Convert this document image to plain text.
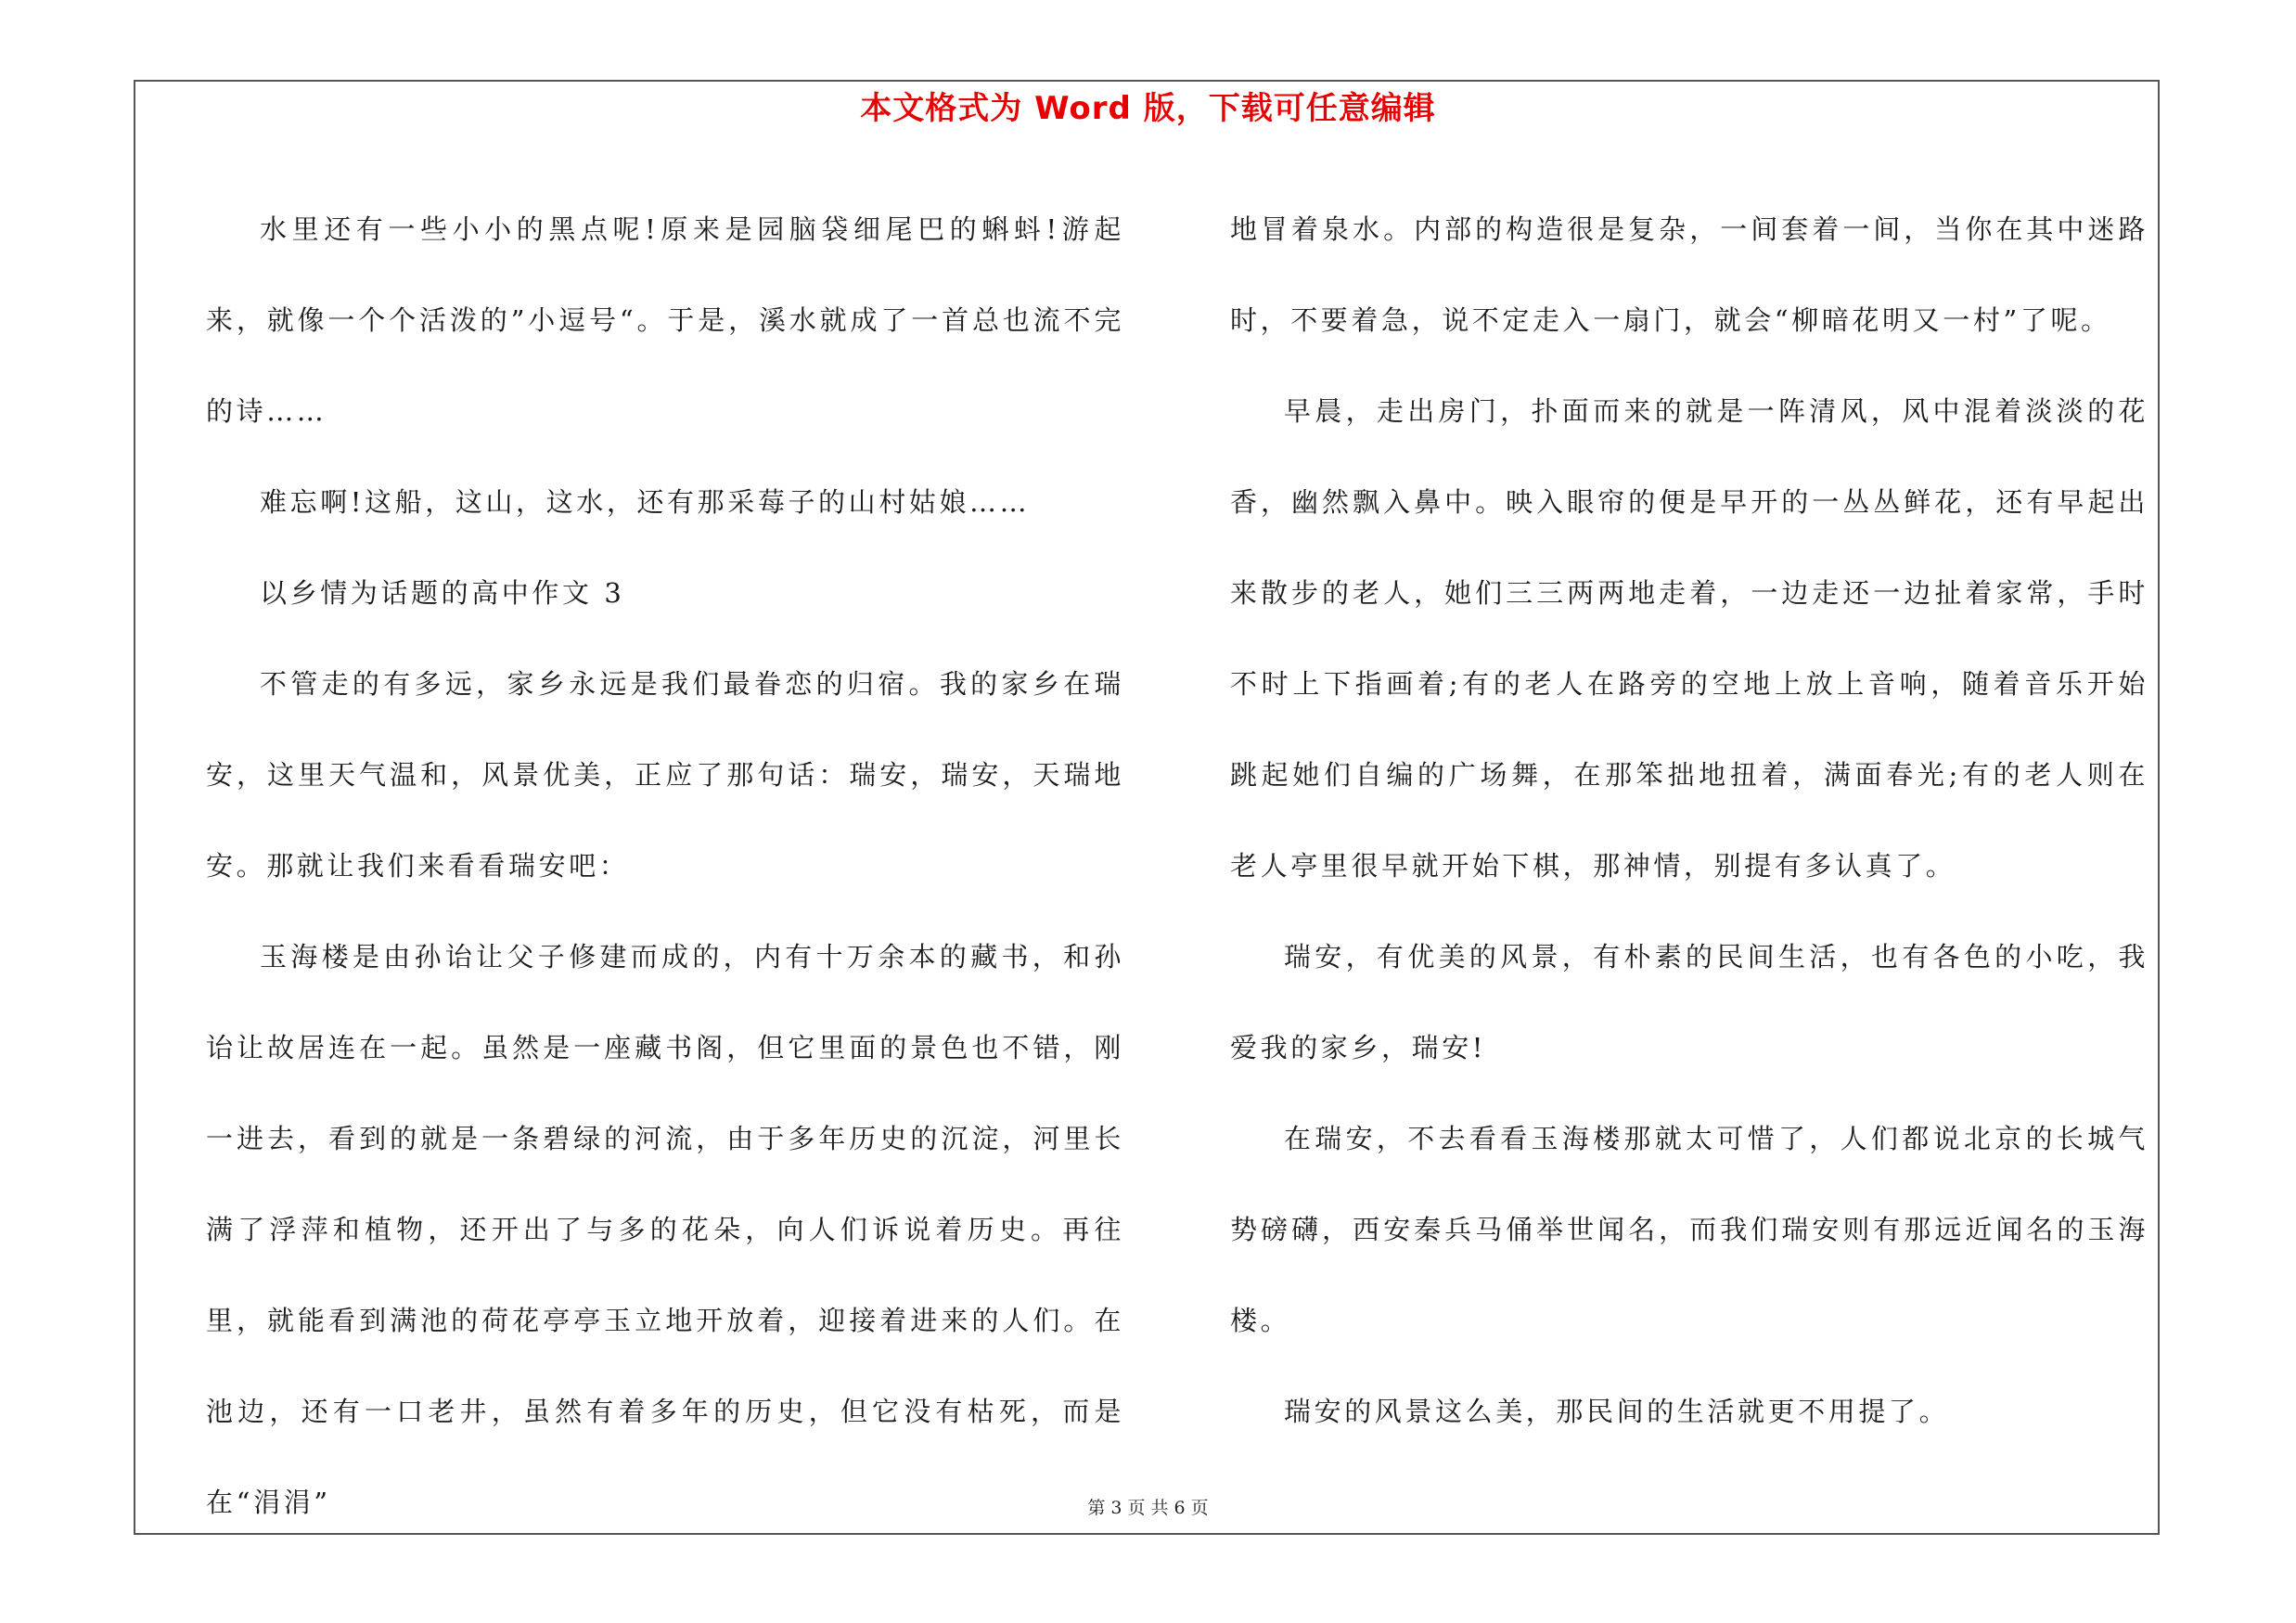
本文格式为 Word 版，下载可任意编辑

水里还有一些小小的黑点呢!原来是园脑袋细尾巴的蝌蚪!游起来，就像一个个活泼的”小逗号“。于是，溪水就成了一首总也流不完的诗……

难忘啊!这船，这山，这水，还有那采莓子的山村姑娘……

以乡情为话题的高中作文 3

不管走的有多远，家乡永远是我们最眷恋的归宿。我的家乡在瑞安，这里天气温和，风景优美，正应了那句话：瑞安，瑞安，天瑞地安。那就让我们来看看瑞安吧：

玉海楼是由孙诒让父子修建而成的，内有十万余本的藏书，和孙诒让故居连在一起。虽然是一座藏书阁，但它里面的景色也不错，刚一进去，看到的就是一条碧绿的河流，由于多年历史的沉淀，河里长满了浮萍和植物，还开出了与多的花朵，向人们诉说着历史。再往里，就能看到满池的荷花亭亭玉立地开放着，迎接着进来的人们。在池边，还有一口老井，虽然有着多年的历史，但它没有枯死，而是在“涓涓”

地冒着泉水。内部的构造很是复杂，一间套着一间，当你在其中迷路时，不要着急，说不定走入一扇门，就会“柳暗花明又一村”了呢。

早晨，走出房门，扑面而来的就是一阵清风，风中混着淡淡的花香，幽然飘入鼻中。映入眼帘的便是早开的一丛丛鲜花，还有早起出来散步的老人，她们三三两两地走着，一边走还一边扯着家常，手时不时上下指画着;有的老人在路旁的空地上放上音响，随着音乐开始跳起她们自编的广场舞，在那笨拙地扭着，满面春光;有的老人则在老人亭里很早就开始下棋，那神情，别提有多认真了。

瑞安，有优美的风景，有朴素的民间生活，也有各色的小吃，我爱我的家乡，瑞安!

在瑞安，不去看看玉海楼那就太可惜了，人们都说北京的长城气势磅礴，西安秦兵马俑举世闻名，而我们瑞安则有那远近闻名的玉海楼。

瑞安的风景这么美，那民间的生活就更不用提了。

第 3 页 共 6 页
